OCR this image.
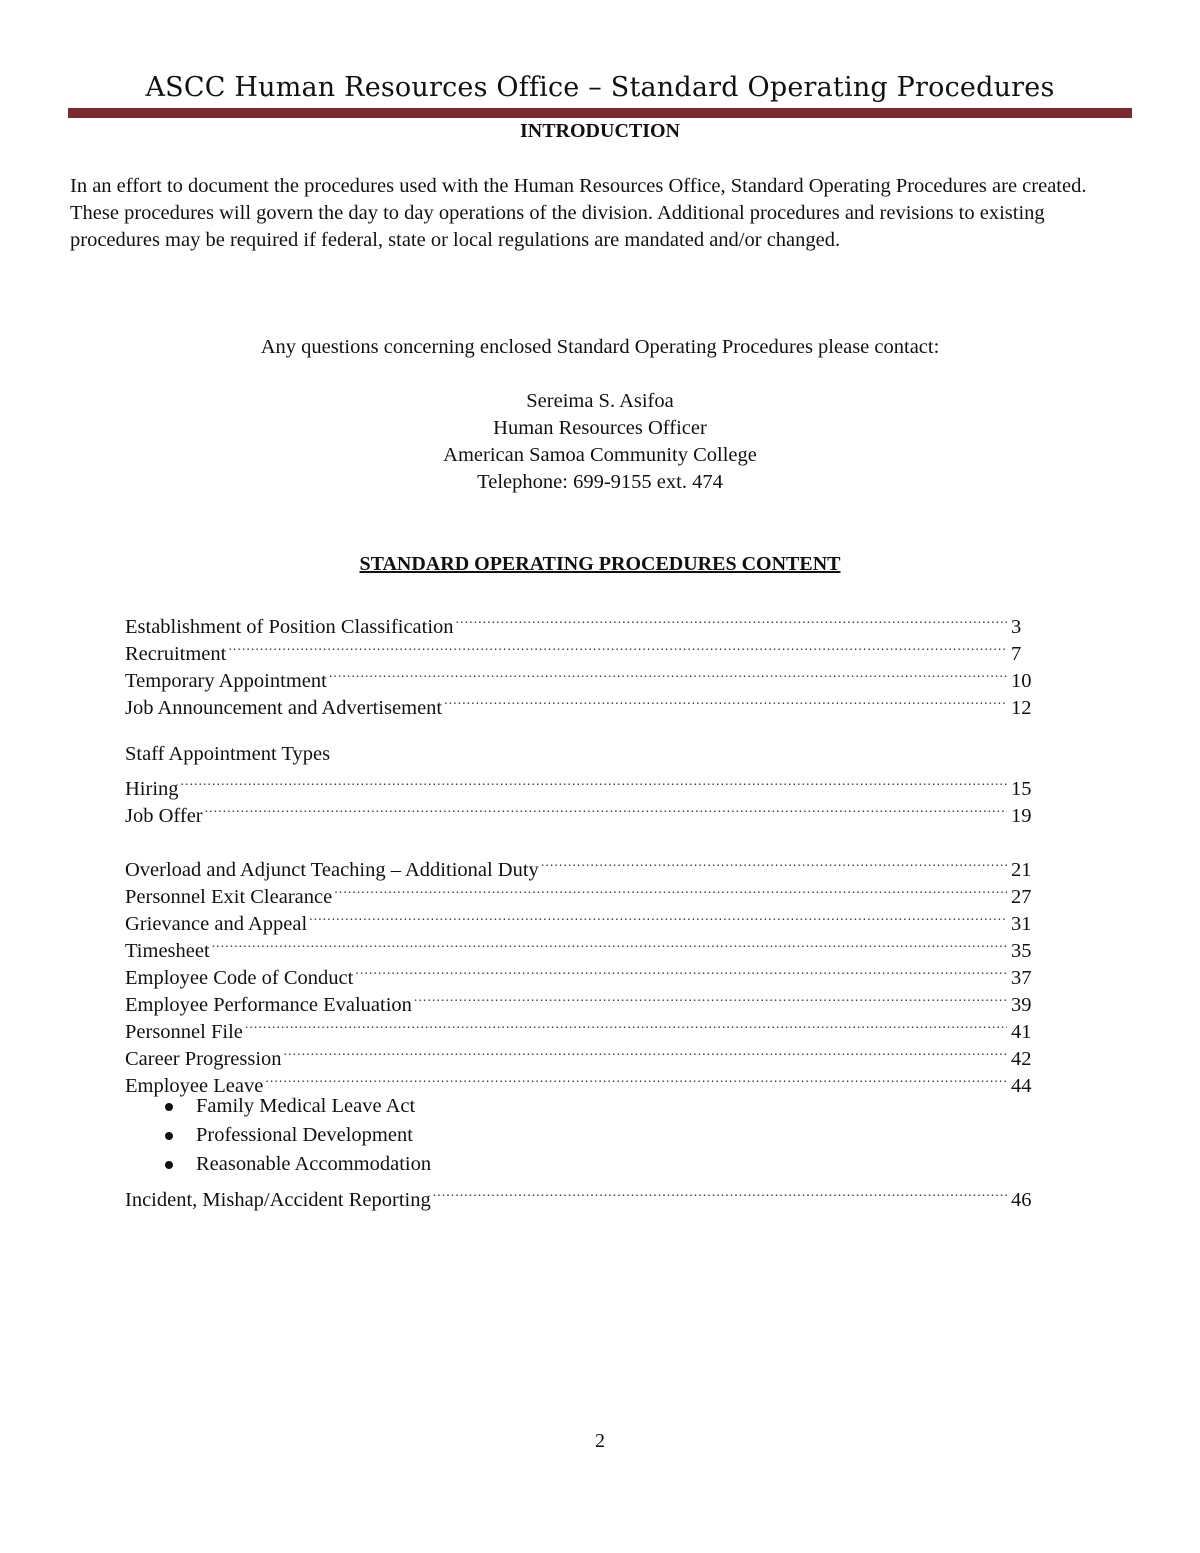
ASCC Human Resources Office – Standard Operating Procedures
INTRODUCTION
In an effort to document the procedures used with the Human Resources Office, Standard Operating Procedures are created. These procedures will govern the day to day operations of the division. Additional procedures and revisions to existing procedures may be required if federal, state or local regulations are mandated and/or changed.
Any questions concerning enclosed Standard Operating Procedures please contact:
Sereima S. Asifoa
Human Resources Officer
American Samoa Community College
Telephone: 699-9155 ext. 474
STANDARD OPERATING PROCEDURES CONTENT
Establishment of Position Classification .....	3
Recruitment .....	7
Temporary Appointment .....	10
Job Announcement and Advertisement .....	12
Staff Appointment Types
Hiring .....	15
Job Offer .....	19
Overload and Adjunct Teaching – Additional Duty .....	21
Personnel Exit Clearance .....	27
Grievance and Appeal .....	31
Timesheet .....	35
Employee Code of Conduct .....	37
Employee Performance Evaluation .....	39
Personnel File .....	41
Career Progression .....	42
Employee Leave .....	44
Family Medical Leave Act
Professional Development
Reasonable Accommodation
Incident, Mishap/Accident Reporting .....	46
2
